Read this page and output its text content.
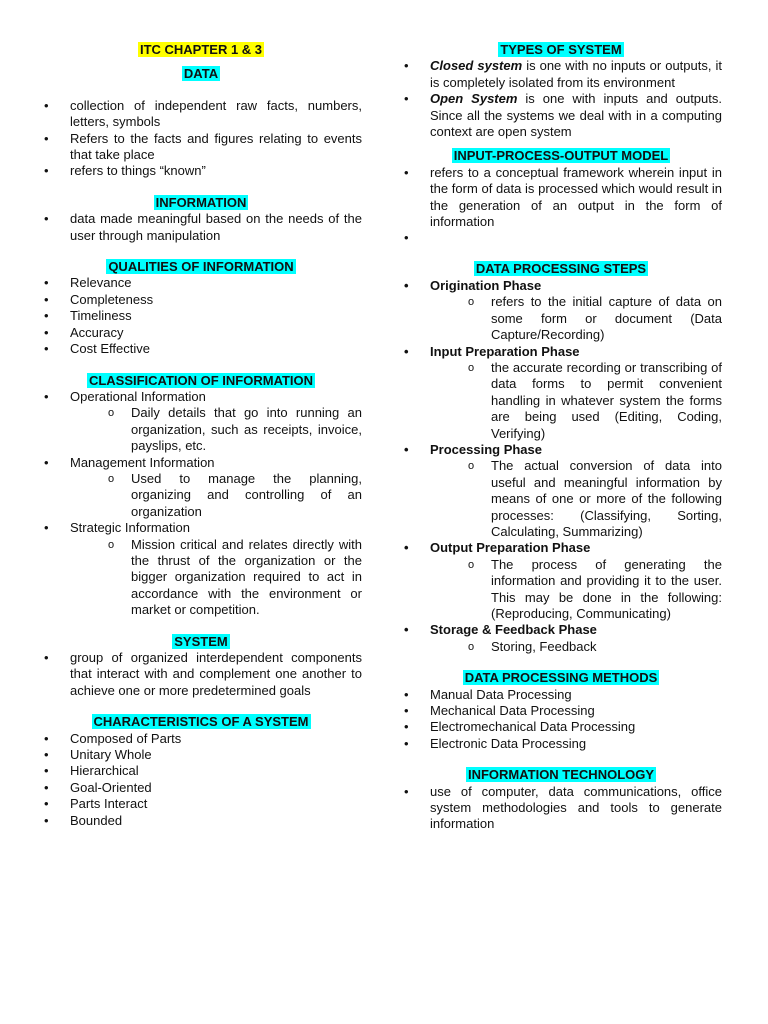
ITC CHAPTER 1 & 3

DATA

• collection of independent raw facts, numbers, letters, symbols
• Refers to the facts and figures relating to events that take place
• refers to things “known”

INFORMATION

• data made meaningful based on the needs of the user through manipulation

QUALITIES OF INFORMATION

• Relevance
• Completeness
• Timeliness
• Accuracy
• Cost Effective

CLASSIFICATION OF INFORMATION

• Operational Information
o Daily details that go into running an organization, such as receipts, invoice, payslips, etc.
• Management Information
o Used to manage the planning, organizing and controlling of an organization
• Strategic Information
o Mission critical and relates directly with the thrust of the organization or the bigger organization required to act in accordance with the environment or market or competition.

SYSTEM

• group of organized interdependent components that interact with and complement one another to achieve one or more predetermined goals

CHARACTERISTICS OF A SYSTEM

• Composed of Parts
• Unitary Whole
• Hierarchical
• Goal-Oriented
• Parts Interact
• Bounded

TYPES OF SYSTEM

• Closed system is one with no inputs or outputs, it is completely isolated from its environment
• Open System is one with inputs and outputs. Since all the systems we deal with in a computing context are open system

INPUT-PROCESS-OUTPUT MODEL

• refers to a conceptual framework wherein input in the form of data is processed which would result in the generation of an output in the form of information
•

DATA PROCESSING STEPS

• Origination Phase
o refers to the initial capture of data on some form or document (Data Capture/Recording)
• Input Preparation Phase
o the accurate recording or transcribing of data forms to permit convenient handling in whatever system the forms are being used (Editing, Coding, Verifying)
• Processing Phase
o The actual conversion of data into useful and meaningful information by means of one or more of the following processes: (Classifying, Sorting, Calculating, Summarizing)
• Output Preparation Phase
o The process of generating the information and providing it to the user. This may be done in the following: (Reproducing, Communicating)
• Storage & Feedback Phase
o Storing, Feedback

DATA PROCESSING METHODS

• Manual Data Processing
• Mechanical Data Processing
• Electromechanical Data Processing
• Electronic Data Processing

INFORMATION TECHNOLOGY

• use of computer, data communications, office system methodologies and tools to generate information
